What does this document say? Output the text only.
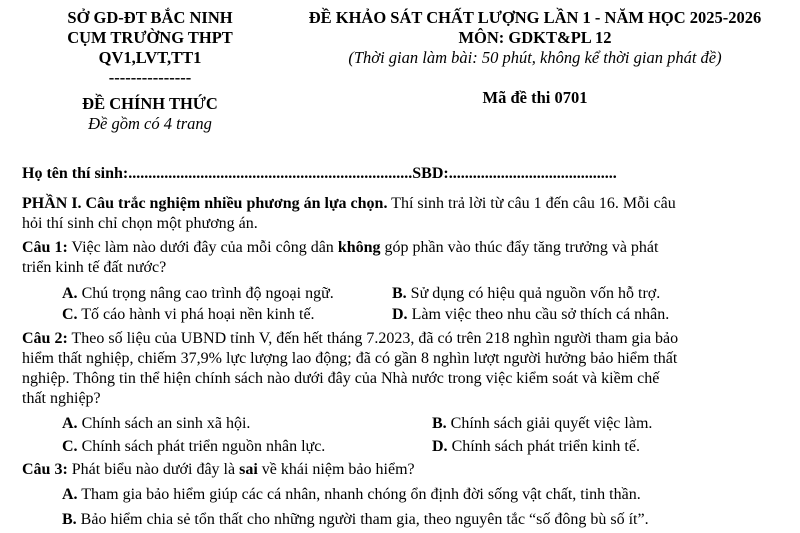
SỞ GD-ĐT BẮC NINH
CỤM TRƯỜNG THPT
QV1,LVT,TT1
---------------
ĐỀ CHÍNH THỨC
Đề gồm có 4 trang
ĐỀ KHẢO SÁT CHẤT LƯỢNG LẦN 1 - NĂM HỌC 2025-2026
MÔN: GDKT&PL 12
(Thời gian làm bài: 50 phút, không kể thời gian phát đề)
Mã đề thi 0701
Họ tên thí sinh:.......................................................................SBD:..........................................
PHẦN I. Câu trắc nghiệm nhiều phương án lựa chọn. Thí sinh trả lời từ câu 1 đến câu 16. Mỗi câu
hỏi thí sinh chỉ chọn một phương án.
Câu 1: Việc làm nào dưới đây của mỗi công dân không góp phần vào thúc đẩy tăng trưởng và phát
triển kinh tế đất nước?
A. Chú trọng nâng cao trình độ ngoại ngữ.	B. Sử dụng có hiệu quả nguồn vốn hỗ trợ.
C. Tố cáo hành vi phá hoại nền kinh tế.	D. Làm việc theo nhu cầu sở thích cá nhân.
Câu 2: Theo số liệu của UBND tỉnh V, đến hết tháng 7.2023, đã có trên 218 nghìn người tham gia bảo
hiểm thất nghiệp, chiếm 37,9% lực lượng lao động; đã có gần 8 nghìn lượt người hưởng bảo hiểm thất
nghiệp. Thông tin thể hiện chính sách nào dưới đây của Nhà nước trong việc kiểm soát và kiềm chế
thất nghiệp?
A. Chính sách an sinh xã hội.	B. Chính sách giải quyết việc làm.
C. Chính sách phát triển nguồn nhân lực.	D. Chính sách phát triển kinh tế.
Câu 3: Phát biểu nào dưới đây là sai về khái niệm bảo hiểm?
A. Tham gia bảo hiểm giúp các cá nhân, nhanh chóng ổn định đời sống vật chất, tinh thần.
B. Bảo hiểm chia sẻ tổn thất cho những người tham gia, theo nguyên tắc “số đông bù số ít”.
